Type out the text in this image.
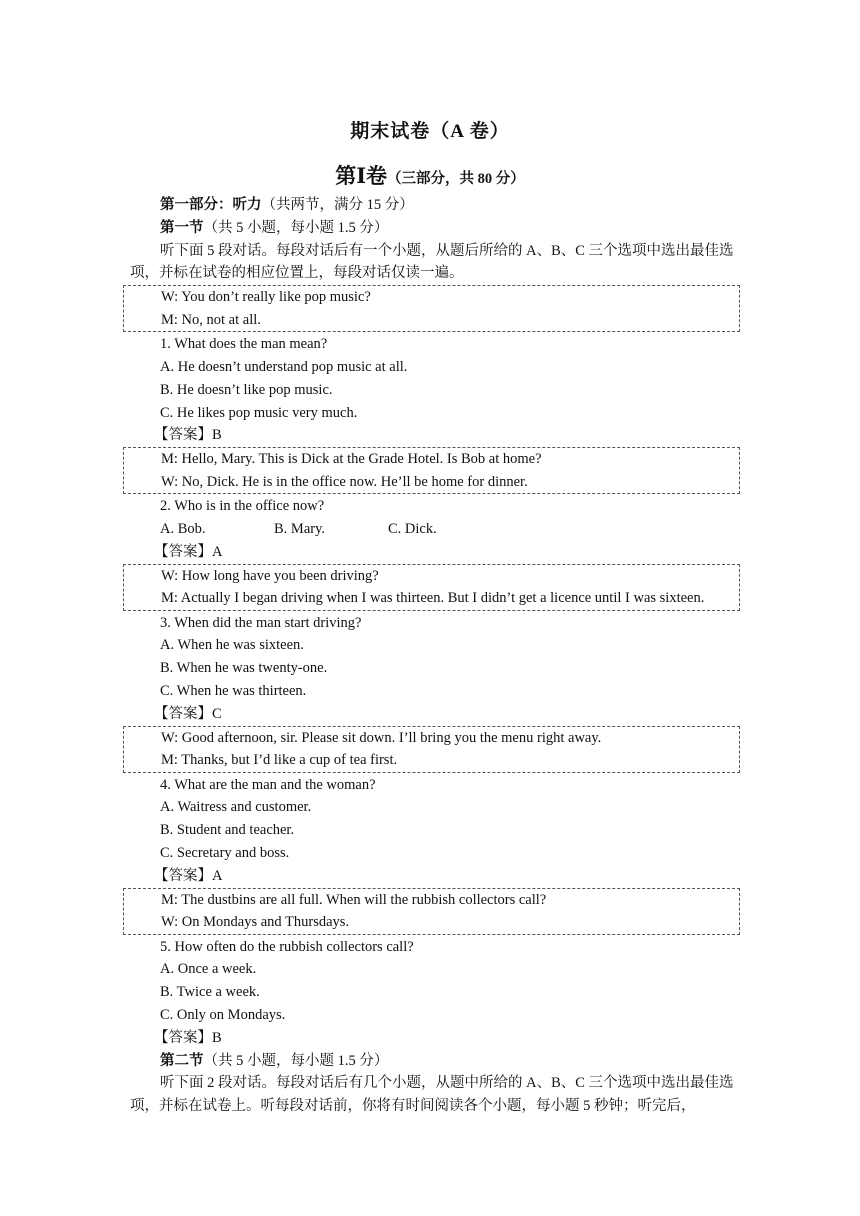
期末试卷（A 卷）
第Ⅰ卷（三部分，共 80 分）
第一部分：听力（共两节，满分 15 分）
第一节（共 5 小题，每小题 1.5 分）
听下面 5 段对话。每段对话后有一个小题，从题后所给的 A、B、C 三个选项中选出最佳选项，并标在试卷的相应位置上，每段对话仅读一遍。
W: You don’t really like pop music?
M: No, not at all.
1. What does the man mean?
A. He doesn’t understand pop music at all.
B. He doesn’t like pop music.
C. He likes pop music very much.
【答案】B
M: Hello, Mary. This is Dick at the Grade Hotel. Is Bob at home?
W: No, Dick. He is in the office now. He’ll be home for dinner.
2. Who is in the office now?
A. Bob.	B. Mary.	C. Dick.
【答案】A
W: How long have you been driving?
M: Actually I began driving when I was thirteen. But I didn’t get a licence until I was sixteen.
3. When did the man start driving?
A. When he was sixteen.
B. When he was twenty-one.
C. When he was thirteen.
【答案】C
W: Good afternoon, sir. Please sit down. I’ll bring you the menu right away.
M: Thanks, but I’d like a cup of tea first.
4. What are the man and the woman?
A. Waitress and customer.
B. Student and teacher.
C. Secretary and boss.
【答案】A
M: The dustbins are all full. When will the rubbish collectors call?
W: On Mondays and Thursdays.
5. How often do the rubbish collectors call?
A. Once a week.
B. Twice a week.
C. Only on Mondays.
【答案】B
第二节（共 5 小题，每小题 1.5 分）
听下面 2 段对话。每段对话后有几个小题，从题中所给的 A、B、C 三个选项中选出最佳选项，并标在试卷上。听每段对话前，你将有时间阅读各个小题，每小题 5 秒钟；听完后，
